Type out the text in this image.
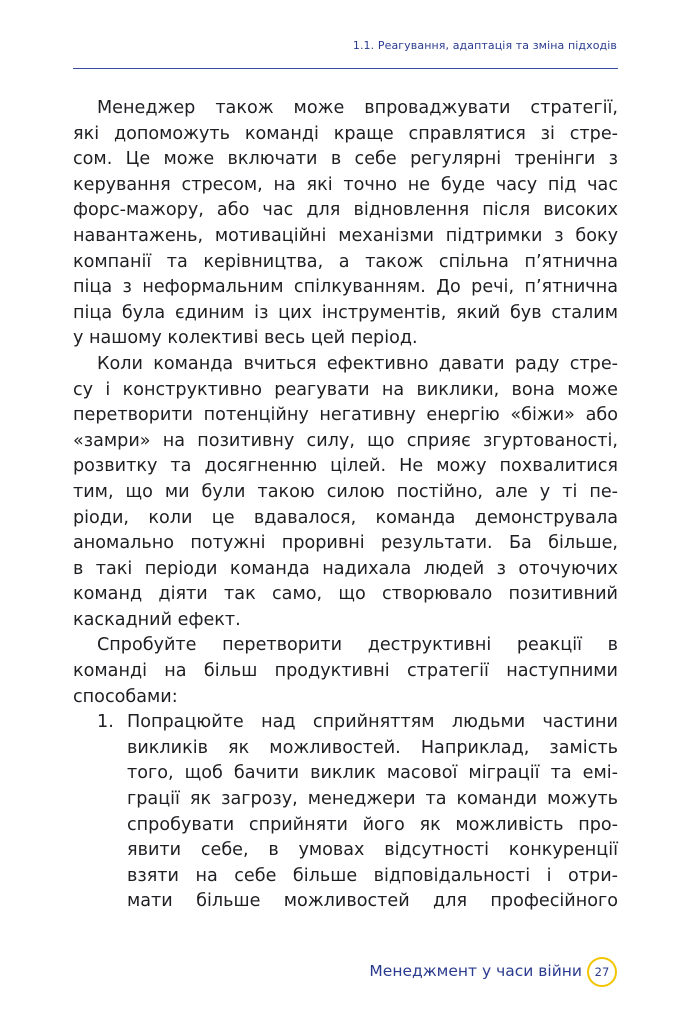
1.1. Реагування, адаптація та зміна підходів
Менеджер також може впроваджувати стратегії,
які допоможуть команді краще справлятися зі стре-
сом. Це може включати в себе регулярні тренінги з
керування стресом, на які точно не буде часу під час
форс-мажору, або час для відновлення після високих
навантажень, мотиваційні механізми підтримки з боку
компанії та керівництва, а також спільна п’ятнична
піца з неформальним спілкуванням. До речі, п’ятнична
піца була єдиним із цих інструментів, який був сталим
у нашому колективі весь цей період.
Коли команда вчиться ефективно давати раду стре-
су і конструктивно реагувати на виклики, вона може
перетворити потенційну негативну енергію «біжи» або
«замри» на позитивну силу, що сприяє згуртованості,
розвитку та досягненню цілей. Не можу похвалитися
тим, що ми були такою силою постійно, але у ті пе-
ріоди, коли це вдавалося, команда демонструвала
аномально потужні проривні результати. Ба більше,
в такі періоди команда надихала людей з оточуючих
команд діяти так само, що створювало позитивний
каскадний ефект.
Спробуйте перетворити деструктивні реакції в
команді на більш продуктивні стратегії наступними
способами:
1. Попрацюйте над сприйняттям людьми частини
викликів як можливостей. Наприклад, замість
того, щоб бачити виклик масової міграції та емі-
грації як загрозу, менеджери та команди можуть
спробувати сприйняти його як можливість про-
явити себе, в умовах відсутності конкуренції
взяти на себе більше відповідальності і отри-
мати більше можливостей для професійного
Менеджмент у часи війни 27
